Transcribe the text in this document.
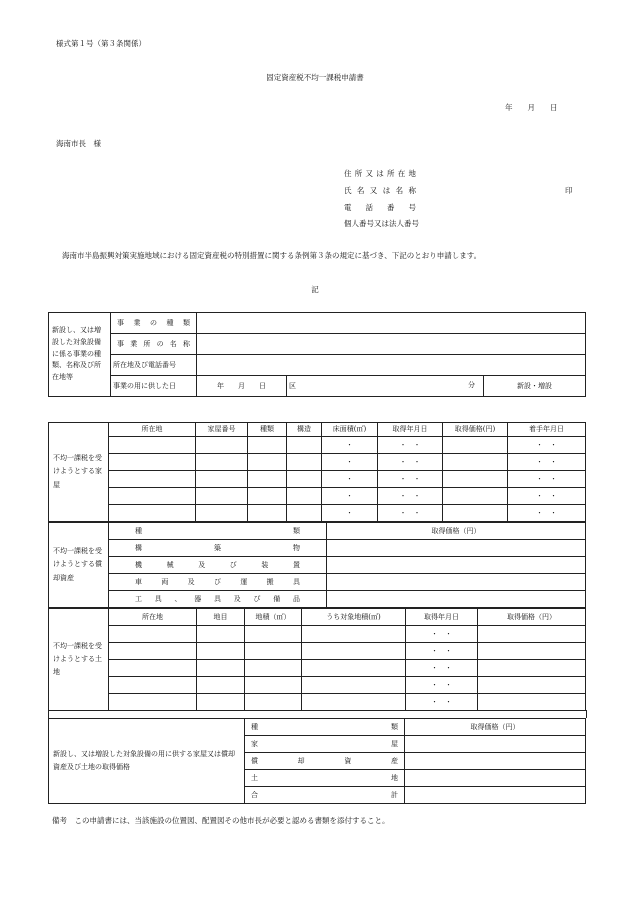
様式第１号（第３条関係）
固定資産税不均一課税申請書
年　　月　　日
海南市長　様
住所又は所在地
氏名又は名称	印
電話番号
個人番号又は法人番号
海南市半島振興対策実施地域における固定資産税の特別措置に関する条例第３条の規定に基づき、下記のとおり申請します。
記
新設し、又は増設した対象設備に係る事業の種類、名称及び所在地等	事業の種類			
	事業所の名称			
	所在地及び電話番号			
	事業の用に供した日	年　　月　　日	区 分	新設・増設
不均一課税を受けようとする家屋	所在地	家屋番号	種類	構造	床面積(㎡)	取得年月日	取得価格(円)	着手年月日
					・	・　・		・　・
					・	・　・		・　・
					・	・　・		・　・
					・	・　・		・　・
					・	・　・		・　・
不均一課税を受けようとする償却資産	種類	取得価格（円）
	構築物	
	機械及び装置	
	車両及び運搬具	
	工具、器具及び備品	
不均一課税を受けようとする土地	所在地	地目	地積（㎡）	うち対象地積(㎡)	取得年月日	取得価格（円）
					・　・	
					・　・	
					・　・	
					・　・	
					・　・	
新設し、又は増設した対象設備の用に供する家屋又は償却資産及び土地の取得価格	種類	取得価格（円）
	家屋	
	償却資産	
	土地	
	合計	
備考　この申請書には、当該施設の位置図、配置図その他市長が必要と認める書類を添付すること。
